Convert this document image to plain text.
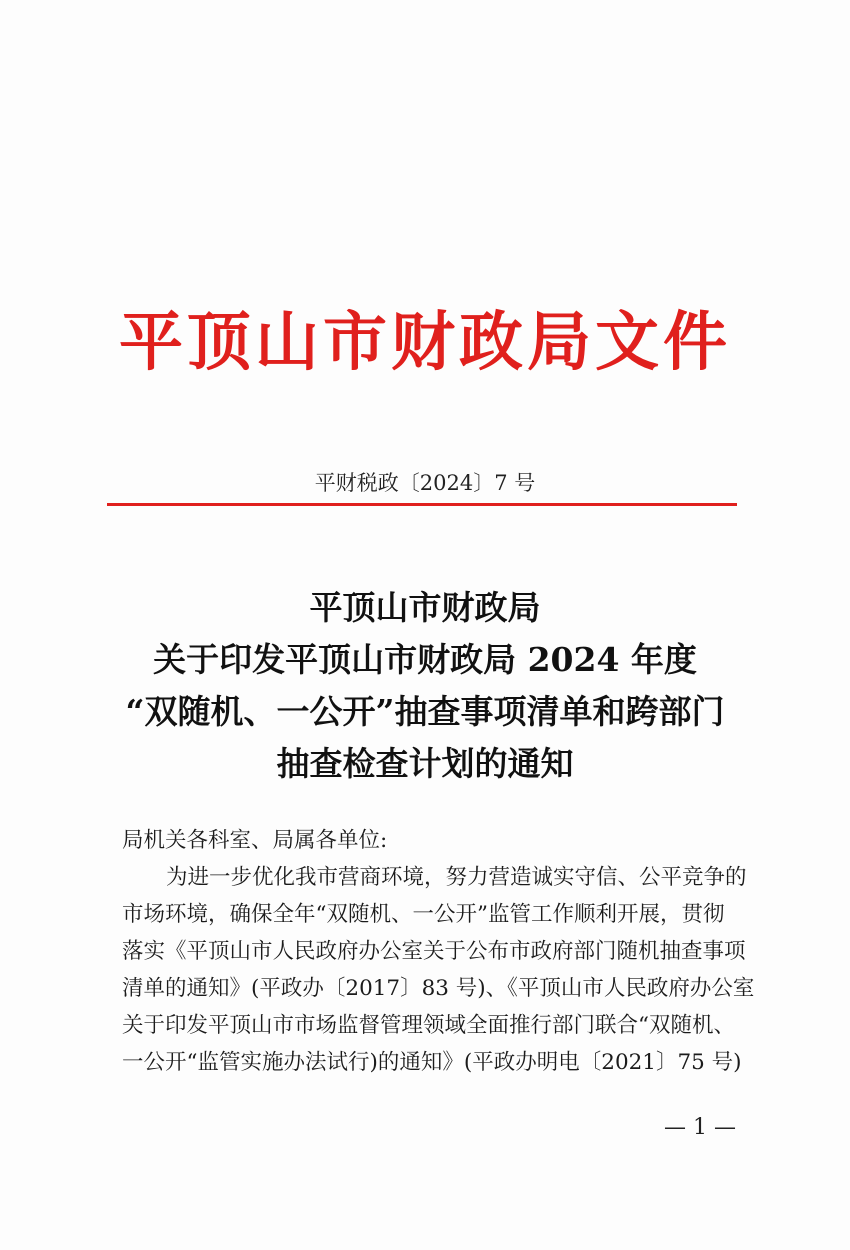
平顶山市财政局文件
平财税政〔2024〕7 号
平顶山市财政局
关于印发平顶山市财政局 2024 年度
“双随机、一公开”抽查事项清单和跨部门
抽查检查计划的通知
局机关各科室、局属各单位:
为进一步优化我市营商环境，努力营造诚实守信、公平竞争的
市场环境，确保全年“双随机、一公开”监管工作顺利开展，贯彻
落实《平顶山市人民政府办公室关于公布市政府部门随机抽查事项
清单的通知》(平政办〔2017〕83 号)、《平顶山市人民政府办公室
关于印发平顶山市市场监督管理领域全面推行部门联合“双随机、
一公开“监管实施办法试行)的通知》(平政办明电〔2021〕75 号)
— 1 —
